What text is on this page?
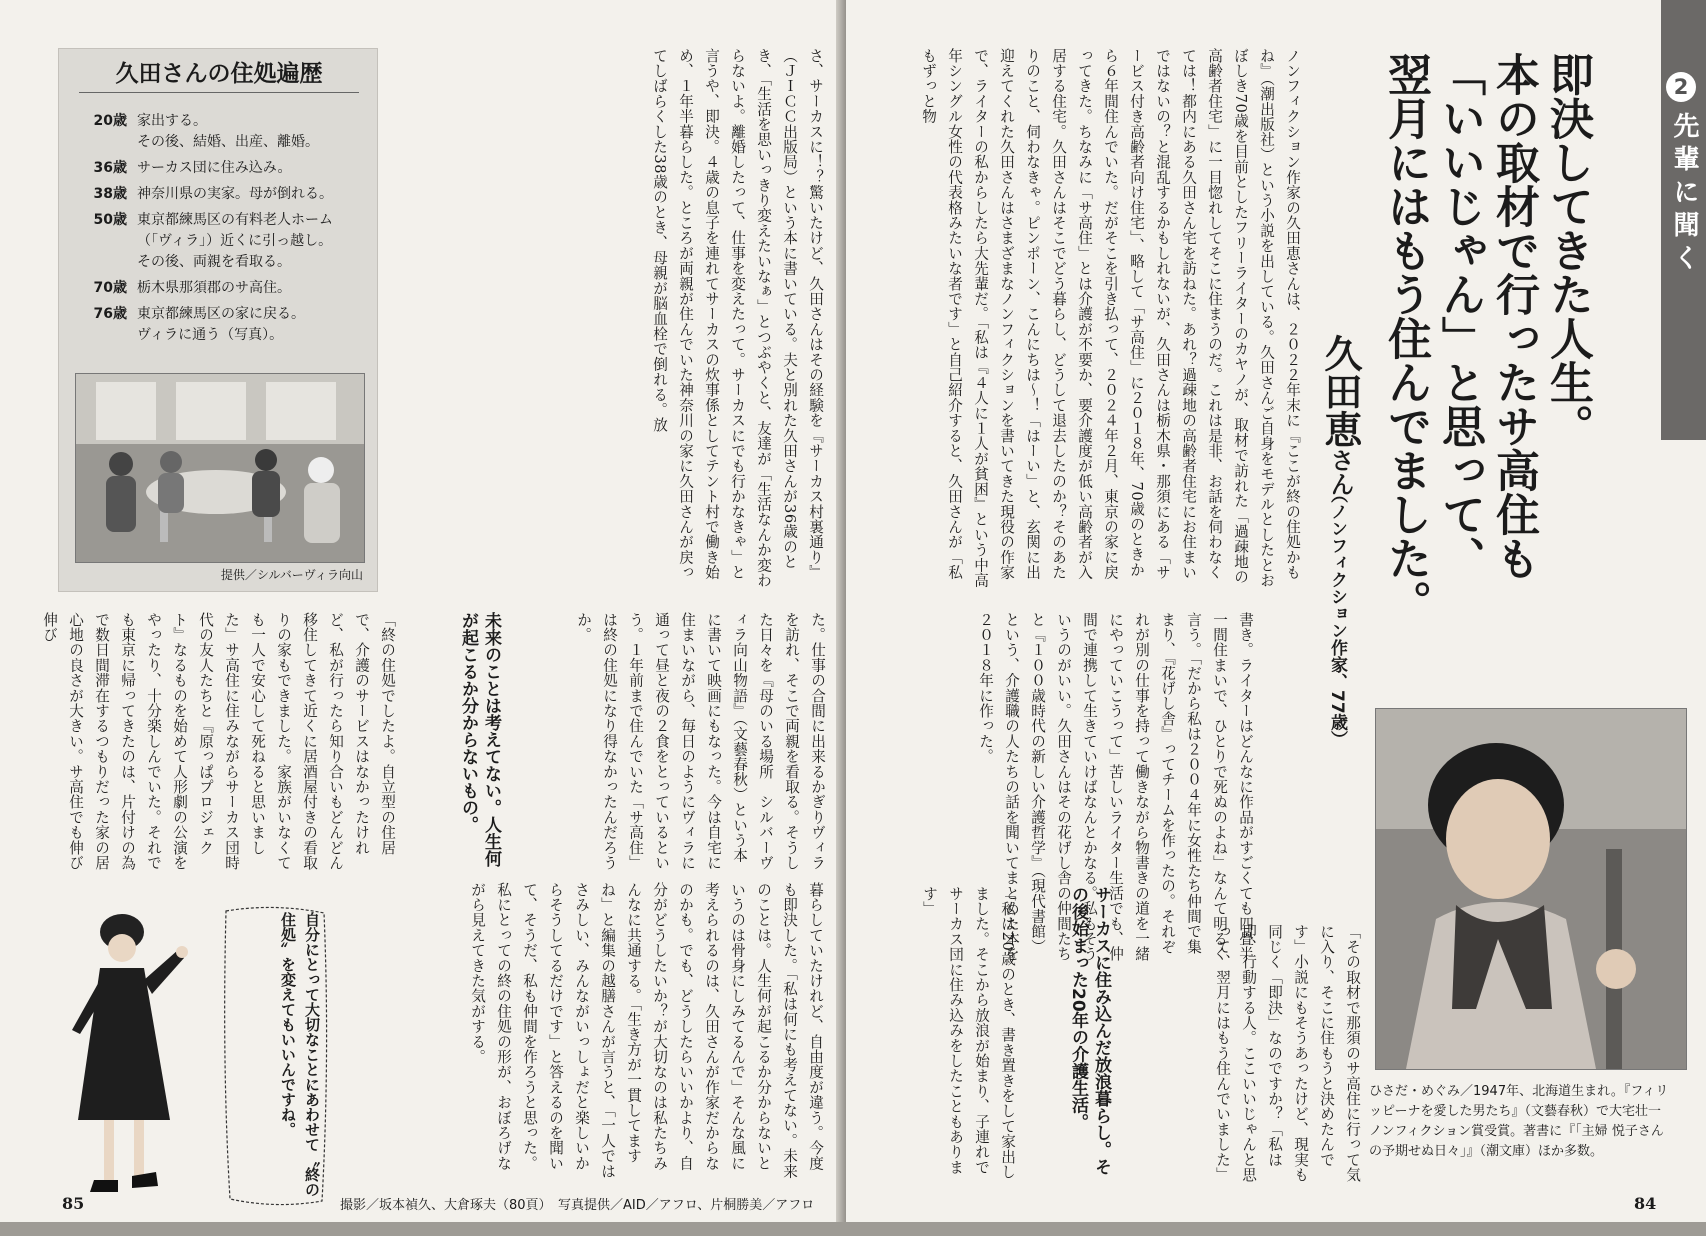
久田さんの住処遍歴

20歳 家出する。
その後、結婚、出産、離婚。
36歳 サーカス団に住み込み。
38歳 神奈川県の実家。母が倒れる。
50歳 東京都練馬区の有料老人ホーム
（「ヴィラ」）近くに引っ越し。
その後、両親を看取る。
70歳 栃木県那須郡のサ高住。
76歳 東京都練馬区の家に戻る。
ヴィラに通う（写真）。

提供／シルバーヴィラ向山	さ、サーカスに！？驚いたけど、久田さんはその経験を『サーカス村裏通り』（ＪＩＣＣ出版局）という本に書いている。夫と別れた久田さんが36歳のとき、「生活を思いっきり変えたいなぁ」とつぶやくと、友達が「生活なんか変わらないよ。離婚したって、仕事を変えたって。サーカスにでも行かなきゃ」と言うや、即決。４歳の息子を連れてサーカスの炊事係としてテント村で働き始め、１年半暮らした。ところが両親が住んでいた神奈川の家に久田さんが戻ってしばらくした38歳のとき、母親が脳血栓で倒れる。放

「終の住処でしたよ。自立型の住居で、介護のサービスはなかったけれど、私が行ったら知り合いもどんどん移住してきて近くに居酒屋付きの看取りの家もできました。家族がいなくても一人で安心して死ねると思いました」サ高住に住みながらサーカス団時代の友人たちと『原っぱプロジェクト』なるものを始めて人形劇の公演をやったり、十分楽しんでいた。それでも東京に帰ってきたのは、片付けの為で数日間滞在するつもりだった家の居心地の良さが大きい。サ高住でも伸び伸び	未来のことは考えてない。人生何が起こるか分からないもの。	た。仕事の合間に出来るかぎりヴィラを訪れ、そこで両親を看取る。そうした日々を『母のいる場所　シルバーヴィラ向山物語』（文藝春秋）という本に書いて映画にもなった。今は自宅に住まいながら、毎日のようにヴィラに通って昼と夜の２食をとっているという。１年前まで住んでいた「サ高住」は終の住処になり得なかったんだろうか。

暮らしていたけれど、自由度が違う。今度も即決した。「私は何にも考えてない。未来のことは。人生何が起こるか分からないというのは骨身にしみてるんで」そんな風に考えられるのは、久田さんが作家だからなのかも。でも、どうしたらいいかより、自分がどうしたいか？が大切なのは私たちみんなに共通する。「生き方が一貫してますね」と編集の越膳さんが言うと、「一人ではさみしい、みんながいっしょだと楽しいからそうしてるだけです」と答えるのを聞いて、そうだ、私も仲間を作ろうと思った。私にとっての終の住処の形が、おぼろげながら見えてきた気がする。

自分にとって大切なことにあわせて〝終の住処〟を変えてもいいんですね。

85	撮影／坂本禎久、大倉琢夫（80頁）　写真提供／AID／アフロ、片桐勝美／アフロ

2

先輩に聞く

即決してきた人生。

本の取材で行ったサ高住も

「いいじゃん」と思って、

翌月にはもう住んでました。

久田恵さん

（ノンフィクション作家、77歳）

ノンフィクション作家の久田恵さんは、２０２２年末に『ここが終の住処かもね』（潮出版社）という小説を出している。久田さんご自身をモデルとしたとおぼしき70歳を目前としたフリーライターのカヤノが、取材で訪れた「過疎地の高齢者住宅」に一目惚れしてそこに住まうのだ。これは是非、お話を伺わなくては！都内にある久田さん宅を訪ねた。あれ？過疎地の高齢者住宅にお住まいではないの？と混乱するかもしれないが、久田さんは栃木県・那須にある「サービス付き高齢者向け住宅」、略して「サ高住」に２０１８年、70歳のときから６年間住んでいた。だがそこを引き払って、２０２４年２月、東京の家に戻ってきた。ちなみに「サ高住」とは介護が不要か、要介護度が低い高齢者が入居する住宅。久田さんはそこでどう暮らし、どうして退去したのか？そのあたりのこと、伺わなきゃ。ピンポーン、こんにちは～！「はーい」と、玄関に出迎えてくれた久田さんはさまざまなノンフィクションを書いてきた現役の作家で、ライターの私からしたら大先輩だ。「私は『４人に１人が貧困』という中高年シングル女性の代表格みたいな者です」と自己紹介すると、久田さんが「私もずっと物

書き。ライターはどんなに作品がすごくても四畳半一間住まいで、ひとりで死ぬのよね」なんて明るく言う。「だから私は２００４年に女性たち仲間で集まり、『花げし舎』ってチームを作ったの。それぞれが別の仕事を持って働きながら物書きの道を一緒にやっていこうって」苦しいライター生活でも、仲間で連携して生きていけばなんとかなる。私もそういうのがいい。久田さんはその花げし舎の仲間たちと『１００歳時代の新しい介護哲学』（現代書館）という、介護職の人たちの話を聞いてまとめた本を２０１８年に作った。

サーカスに住み込んだ放浪暮らし。その後始まった20年の介護生活。

「私は20歳のとき、書き置きをして家出しました。そこから放浪が始まり、子連れでサーカス団に住み込みをしたこともあります」

「その取材で那須のサ高住に行って気に入り、そこに住もうと決めたんです」小説にもそうあったけど、現実も同じく「即決」なのですか？「私は即、行動する人。ここいいじゃんと思って、翌月にはもう住んでいました」	ひさだ・めぐみ／1947年、北海道生まれ。『フィリッピーナを愛した男たち』（文藝春秋）で大宅壮一ノンフィクション賞受賞。著書に『「主婦 悦子さんの予期せぬ日々」』（潮文庫）ほか多数。

84
